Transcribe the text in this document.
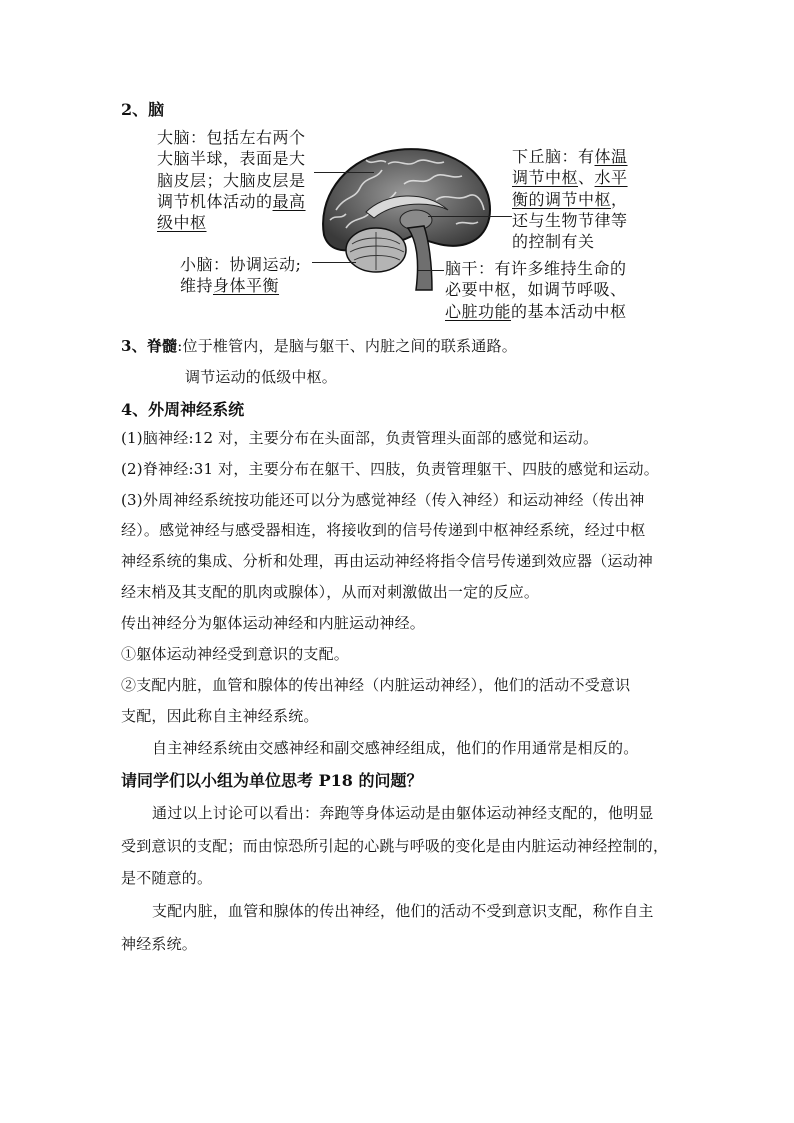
2、脑
大脑：包括左右两个
大脑半球，表面是大
脑皮层；大脑皮层是
调节机体活动的最高
级中枢
小脑：协调运动;
维持身体平衡
下丘脑：有体温
调节中枢、水平
衡的调节中枢，
还与生物节律等
的控制有关
脑干：有许多维持生命的
必要中枢，如调节呼吸、
心脏功能的基本活动中枢
3、脊髓:位于椎管内，是脑与躯干、内脏之间的联系通路。
调节运动的低级中枢。
4、外周神经系统
(1)脑神经:12 对，主要分布在头面部，负责管理头面部的感觉和运动。
(2)脊神经:31 对，主要分布在躯干、四肢，负责管理躯干、四肢的感觉和运动。
(3)外周神经系统按功能还可以分为感觉神经（传入神经）和运动神经（传出神
经）。感觉神经与感受器相连，将接收到的信号传递到中枢神经系统，经过中枢
神经系统的集成、分析和处理，再由运动神经将指令信号传递到效应器（运动神
经末梢及其支配的肌肉或腺体），从而对刺激做出一定的反应。
传出神经分为躯体运动神经和内脏运动神经。
①躯体运动神经受到意识的支配。
②支配内脏，血管和腺体的传出神经（内脏运动神经），他们的活动不受意识
支配，因此称自主神经系统。
自主神经系统由交感神经和副交感神经组成，他们的作用通常是相反的。
请同学们以小组为单位思考 P18 的问题？
通过以上讨论可以看出：奔跑等身体运动是由躯体运动神经支配的，他明显
受到意识的支配；而由惊恐所引起的心跳与呼吸的变化是由内脏运动神经控制的，
是不随意的。
支配内脏，血管和腺体的传出神经，他们的活动不受到意识支配，称作自主
神经系统。
